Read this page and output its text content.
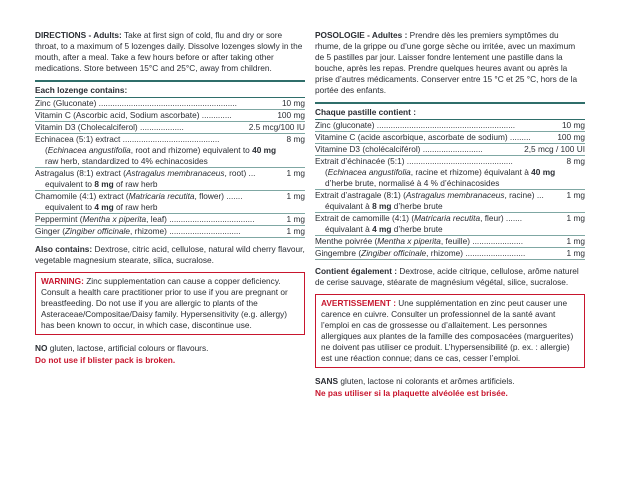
DIRECTIONS - Adults: Take at first sign of cold, flu and dry or sore throat, to a maximum of 5 lozenges daily. Dissolve lozenges slowly in the mouth, after a meal. Take a few hours before or after taking other medications. Store between 15°C and 25°C, away from children.

Each lozenge contains:
Zinc (Gluconate) ............................................................	10 mg
Vitamin C (Ascorbic acid, Sodium ascorbate) .............	100 mg
Vitamin D3 (Cholecalciferol) ...................	2.5 mcg/100 IU
Echinacea (5:1) extract ..........................................	8 mg
(Echinacea angustifolia, root and rhizome) equivalent to 40 mg
raw herb, standardized to 4% echinacosides
Astragalus (8:1) extract (Astragalus membranaceus, root) ...	1 mg
equivalent to 8 mg of raw herb
Chamomile (4:1) extract (Matricaria recutita, flower) .......	1 mg
equivalent to 4 mg of raw herb
Peppermint (Mentha x piperita, leaf) .....................................	1 mg
Ginger (Zingiber officinale, rhizome) ...............................	1 mg

Also contains: Dextrose, citric acid, cellulose, natural wild cherry flavour, vegetable magnesium stearate, silica, sucralose.

WARNING: Zinc supplementation can cause a copper deficiency. Consult a health care practitioner prior to use if you are pregnant or breastfeeding. Do not use if you are allergic to plants of the Asteraceae/Compositae/Daisy family. Hypersensitivity (e.g. allergy) has been known to occur, in which case, discontinue use.

NO gluten, lactose, artificial colours or flavours.

Do not use if blister pack is broken.

POSOLOGIE - Adultes : Prendre dès les premiers symptômes du rhume, de la grippe ou d’une gorge sèche ou irritée, avec un maximum de 5 pastilles par jour. Laisser fondre lentement une pastille dans la bouche, après les repas. Prendre quelques heures avant ou après la prise d’autres médicaments. Conserver entre 15 °C et 25 °C, hors de la portée des enfants.

Chaque pastille contient :
Zinc (gluconate) ............................................................	10 mg
Vitamine C (acide ascorbique, ascorbate de sodium) .........	100 mg
Vitamine D3 (cholécalciférol) ..........................	2,5 mcg / 100 UI
Extrait d’échinacée (5:1) ..............................................	8 mg
(Echinacea angustifolia, racine et rhizome) équivalant à 40 mg
d’herbe brute, normalisé à 4 % d’échinacosides
Extrait d’astragale (8:1) (Astragalus membranaceus, racine) ...	1 mg
équivalant à 8 mg d’herbe brute
Extrait de camomille (4:1) (Matricaria recutita, fleur) .......	1 mg
équivalant à 4 mg d’herbe brute
Menthe poivrée (Mentha x piperita, feuille) ......................	1 mg
Gingembre (Zingiber officinale, rhizome) ..........................	1 mg

Contient également : Dextrose, acide citrique, cellulose, arôme naturel de cerise sauvage, stéarate de magnésium végétal, silice, sucralose.

AVERTISSEMENT : Une supplémentation en zinc peut causer une carence en cuivre. Consulter un professionnel de la santé avant l’emploi en cas de grossesse ou d’allaitement. Les personnes allergiques aux plantes de la famille des composacées (marguerites) ne doivent pas utiliser ce produit. L’hypersensibilité (p. ex. : allergie) est une réaction connue; dans ce cas, cesser l’emploi.

SANS gluten, lactose ni colorants et arômes artificiels.

Ne pas utiliser si la plaquette alvéolée est brisée.
